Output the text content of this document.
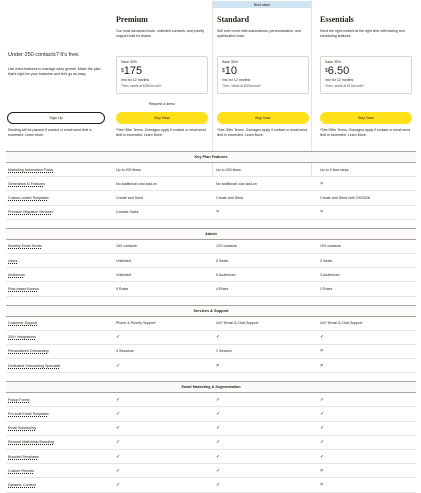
Under 250 contacts? It's free.
Use extra features to manage early growth. Make the plan that's right for your business and let's go as easy.
Sign Up
Sending will be paused if contact or email send limit is exceeded. Learn More.
Premium
Our most advanced tools, unlimited contacts, and priority support built for teams.
Save 30%
$175
/mo for 12 months
Then, starts at $350/month*
Request a demo
Buy Now
*See Offer Terms. Overages apply if contact or email send limit is exceeded. Learn More.
Best value
Standard
Sell even more with automations, personalization, and optimization tools.
Save 30%
$10
/mo for 12 months
Then, starts at $20/month*
Buy Now
*See Offer Terms. Overages apply if contact or email send limit is exceeded. Learn More.
Essentials
Send the right content at the right time with testing and scheduling features.
Save 30%
$6.50
/mo for 12 months
Then, starts at $13/month*
Buy Now
*See Offer Terms. Overages apply if contact or email send limit is exceeded. Learn More.
Key Plan Features
Marketing Automation Flows	Up to 200 flows	Up to 200 flows	Up to 4 flow steps
Generative AI Features	No additional cost add-on	No additional cost add-on	×
Custom-coded Templates	Create and Send	Create and Send	Create and Send until 2/9/2026
Premium Migration Services	Contact Sales	×	×
Admin
Monthly Email Sends	15X contacts	12X contacts	10X contacts
Users	Unlimited	5 Seats	3 Seats
Audiences	Unlimited	5 Audiences	3 Audiences
Role-based Access	5 Roles	4 Roles	2 Roles
Services & Support
Customer Support	Phone & Priority Support	24/7 Email & Chat Support	24/7 Email & Chat Support
300+ Integrations	✓	✓	✓
Personalized Onboarding	4 Sessions	1 Session	×
Dedicated Onboarding Specialist	✓	×	×
Email Marketing & Segmentation
Popup Forms	✓	✓	✓
Pre-built Email Templates	✓	✓	✓
Email Scheduling	✓	✓	✓
Remove Mailchimp Branding	✓	✓	✓
Branded Templates	✓	✓	✓
Custom Reports	✓	✓	×
Dynamic Content	✓	✓	×
